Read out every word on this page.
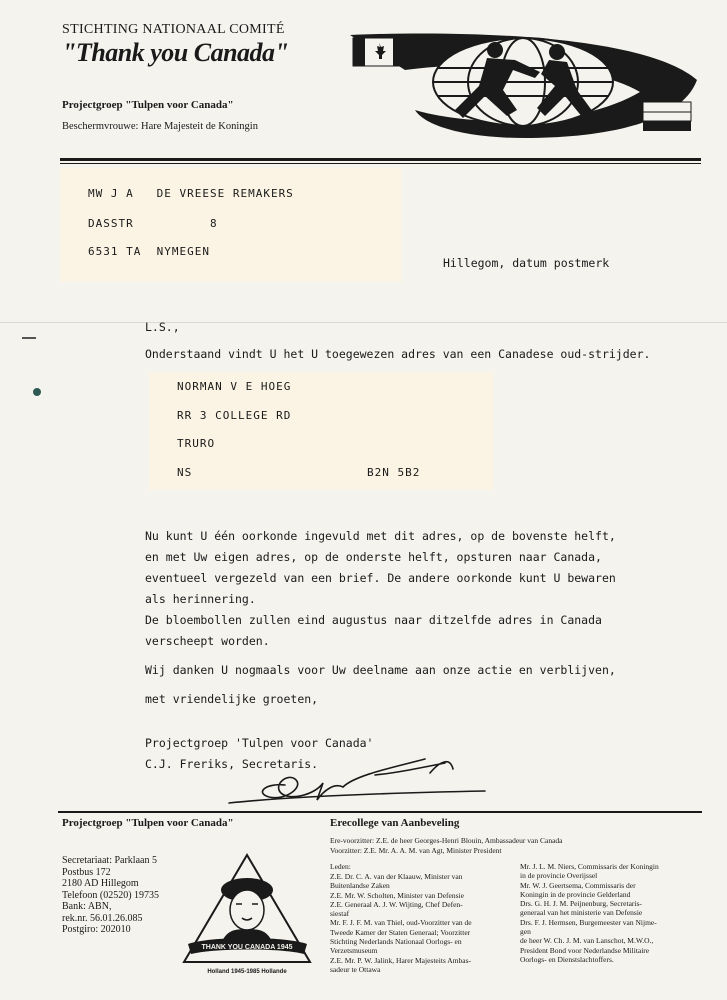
STICHTING NATIONAAL COMITÉ
"Thank you Canada"
Projectgroep "Tulpen voor Canada"
Beschermvrouwe: Hare Majesteit de Koningin
MW J A   DE VREESE REMAKERS
DASSTR          8
6531 TA  NYMEGEN
Hillegom, datum postmerk
L.S.,
Onderstaand vindt U het U toegewezen adres van een Canadese oud-strijder.
NORMAN V E HOEG
RR 3 COLLEGE RD
TRURO
NS	B2N 5B2
Nu kunt U één oorkonde ingevuld met dit adres, op de bovenste helft,
en met Uw eigen adres, op de onderste helft, opsturen naar Canada,
eventueel vergezeld van een brief. De andere oorkonde kunt U bewaren
als herinnering.
De bloembollen zullen eind augustus naar ditzelfde adres in Canada
verscheept worden.
Wij danken U nogmaals voor Uw deelname aan onze actie en verblijven,
met vriendelijke groeten,
Projectgroep 'Tulpen voor Canada'
C.J. Freriks, Secretaris.
Projectgroep "Tulpen voor Canada"
Secretariaat: Parklaan 5
Postbus 172
2180 AD Hillegom
Telefoon (02520) 19735
Bank: ABN,
rek.nr. 56.01.26.085
Postgiro: 202010
THANK YOU CANADA 1945
Holland 1945-1985 Hollande
Erecollege van Aanbeveling
Ere-voorzitter: Z.E. de heer Georges-Henri Blouin, Ambassadeur van Canada
Voorzitter: Z.E. Mr. A. A. M. van Agt, Minister President
Leden:
Z.E. Dr. C. A. van der Klaauw, Minister van
Buitenlandse Zaken
Z.E. Mr. W. Scholten, Minister van Defensie
Z.E. Generaal A. J. W. Wijting, Chef Defen-
siestaf
Mr. F. J. F. M. van Thiel, oud-Voorzitter van de
Tweede Kamer der Staten Generaal; Voorzitter
Stichting Nederlands Nationaal Oorlogs- en
Verzetsmuseum
Z.E. Mr. P. W. Jalink, Harer Majesteits Ambas-
sadeur te Ottawa
Mr. J. L. M. Niers, Commissaris der Koningin
in de provincie Overijssel
Mr. W. J. Geertsema, Commissaris der
Koningin in de provincie Gelderland
Drs. G. H. J. M. Peijnenburg, Secretaris-
generaal van het ministerie van Defensie
Drs. F. J. Hermsen, Burgemeester van Nijme-
gen
de heer W. Ch. J. M. van Lanschot, M.W.O.,
President Bond voor Nederlandse Militaire
Oorlogs- en Dienstslachtoffers.
